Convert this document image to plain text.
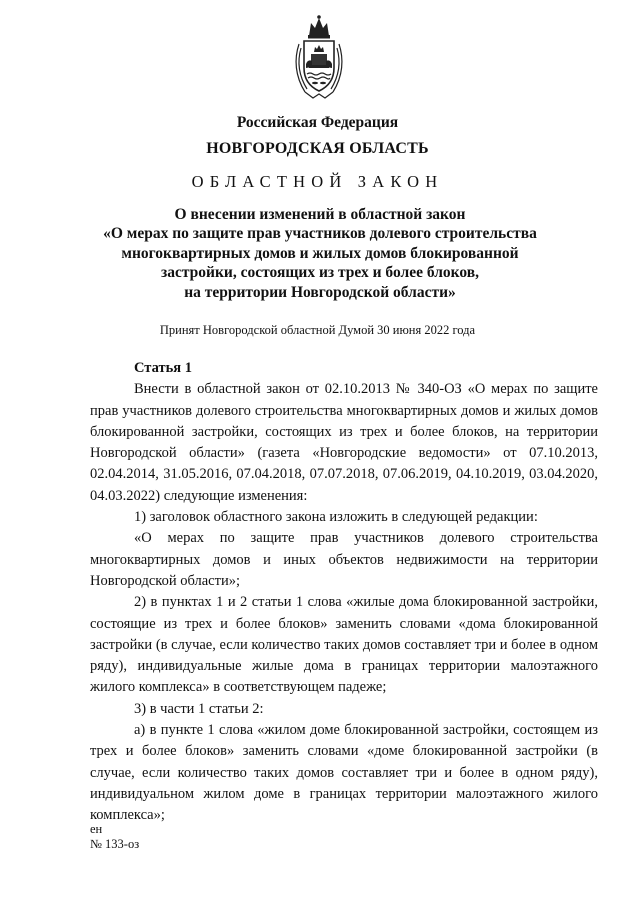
Российская Федерация
НОВГОРОДСКАЯ ОБЛАСТЬ
ОБЛАСТНОЙ ЗАКОН
О внесении изменений в областной закон
«О мерах по защите прав участников долевого строительства
многоквартирных домов и жилых домов блокированной
застройки, состоящих из трех и более блоков,
на территории Новгородской области»
Принят Новгородской областной Думой 30 июня 2022 года

Статья 1

Внести в областной закон от 02.10.2013 № 340-ОЗ «О мерах по защите прав участников долевого строительства многоквартирных домов и жилых домов блокированной застройки, состоящих из трех и более блоков, на территории Новгородской области» (газета «Новгородские ведомости» от 07.10.2013, 02.04.2014, 31.05.2016, 07.04.2018, 07.07.2018, 07.06.2019, 04.10.2019, 03.04.2020, 04.03.2022) следующие изменения:

1) заголовок областного закона изложить в следующей редакции:

«О мерах по защите прав участников долевого строительства многоквартирных домов и иных объектов недвижимости на территории Новгородской области»;

2) в пунктах 1 и 2 статьи 1 слова «жилые дома блокированной застройки, состоящие из трех и более блоков» заменить словами «дома блокированной застройки (в случае, если количество таких домов составляет три и более в одном ряду), индивидуальные жилые дома в границах территории малоэтажного жилого комплекса» в соответствующем падеже;

3) в части 1 статьи 2:

а) в пункте 1 слова «жилом доме блокированной застройки, состоящем из трех и более блоков» заменить словами «доме блокированной застройки (в случае, если количество таких домов составляет три и более в одном ряду), индивидуальном жилом доме в границах территории малоэтажного жилого комплекса»;

ен
№ 133-оз
